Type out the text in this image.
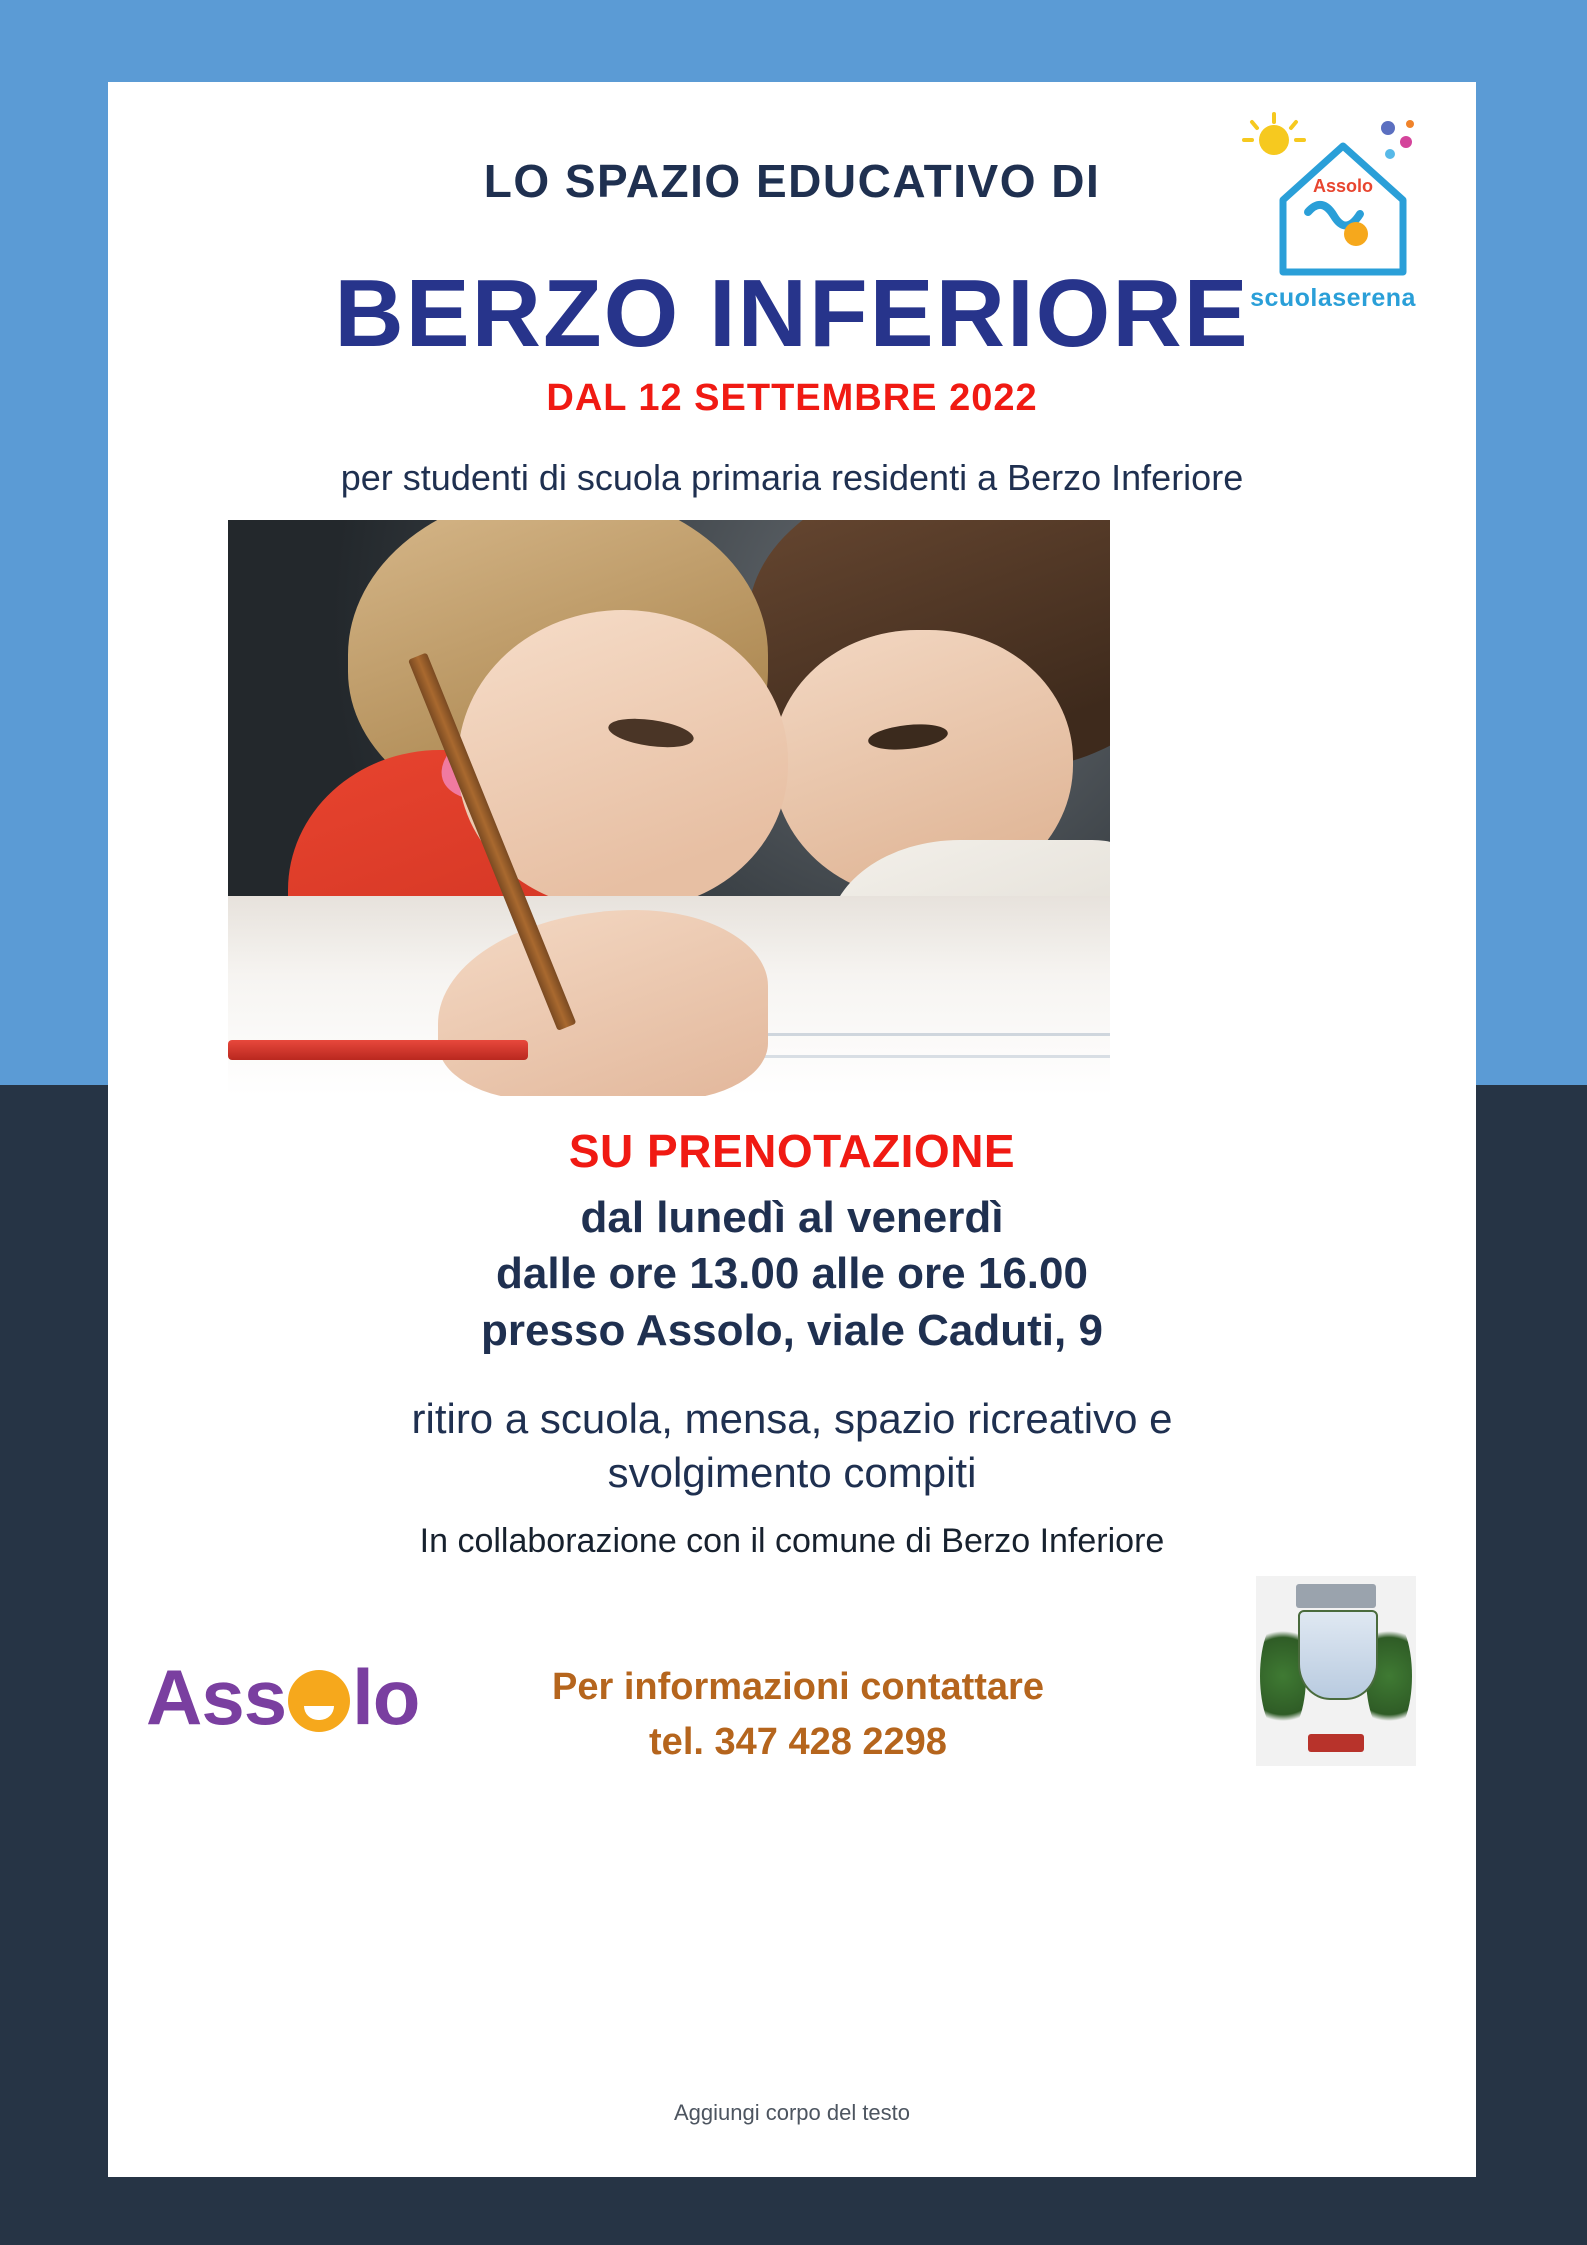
LO SPAZIO EDUCATIVO DI	Assolo
scuolaserena
BERZO INFERIORE
DAL 12 SETTEMBRE 2022
per studenti di scuola primaria residenti a Berzo Inferiore
SU PRENOTAZIONE
dal lunedì al venerdì
dalle ore 13.00 alle ore 16.00
presso Assolo, viale Caduti, 9
ritiro a scuola, mensa, spazio ricreativo e
svolgimento compiti
In collaborazione con il comune di Berzo Inferiore
Ass lo	Per informazioni contattare
tel. 347 428 2298
Aggiungi corpo del testo
